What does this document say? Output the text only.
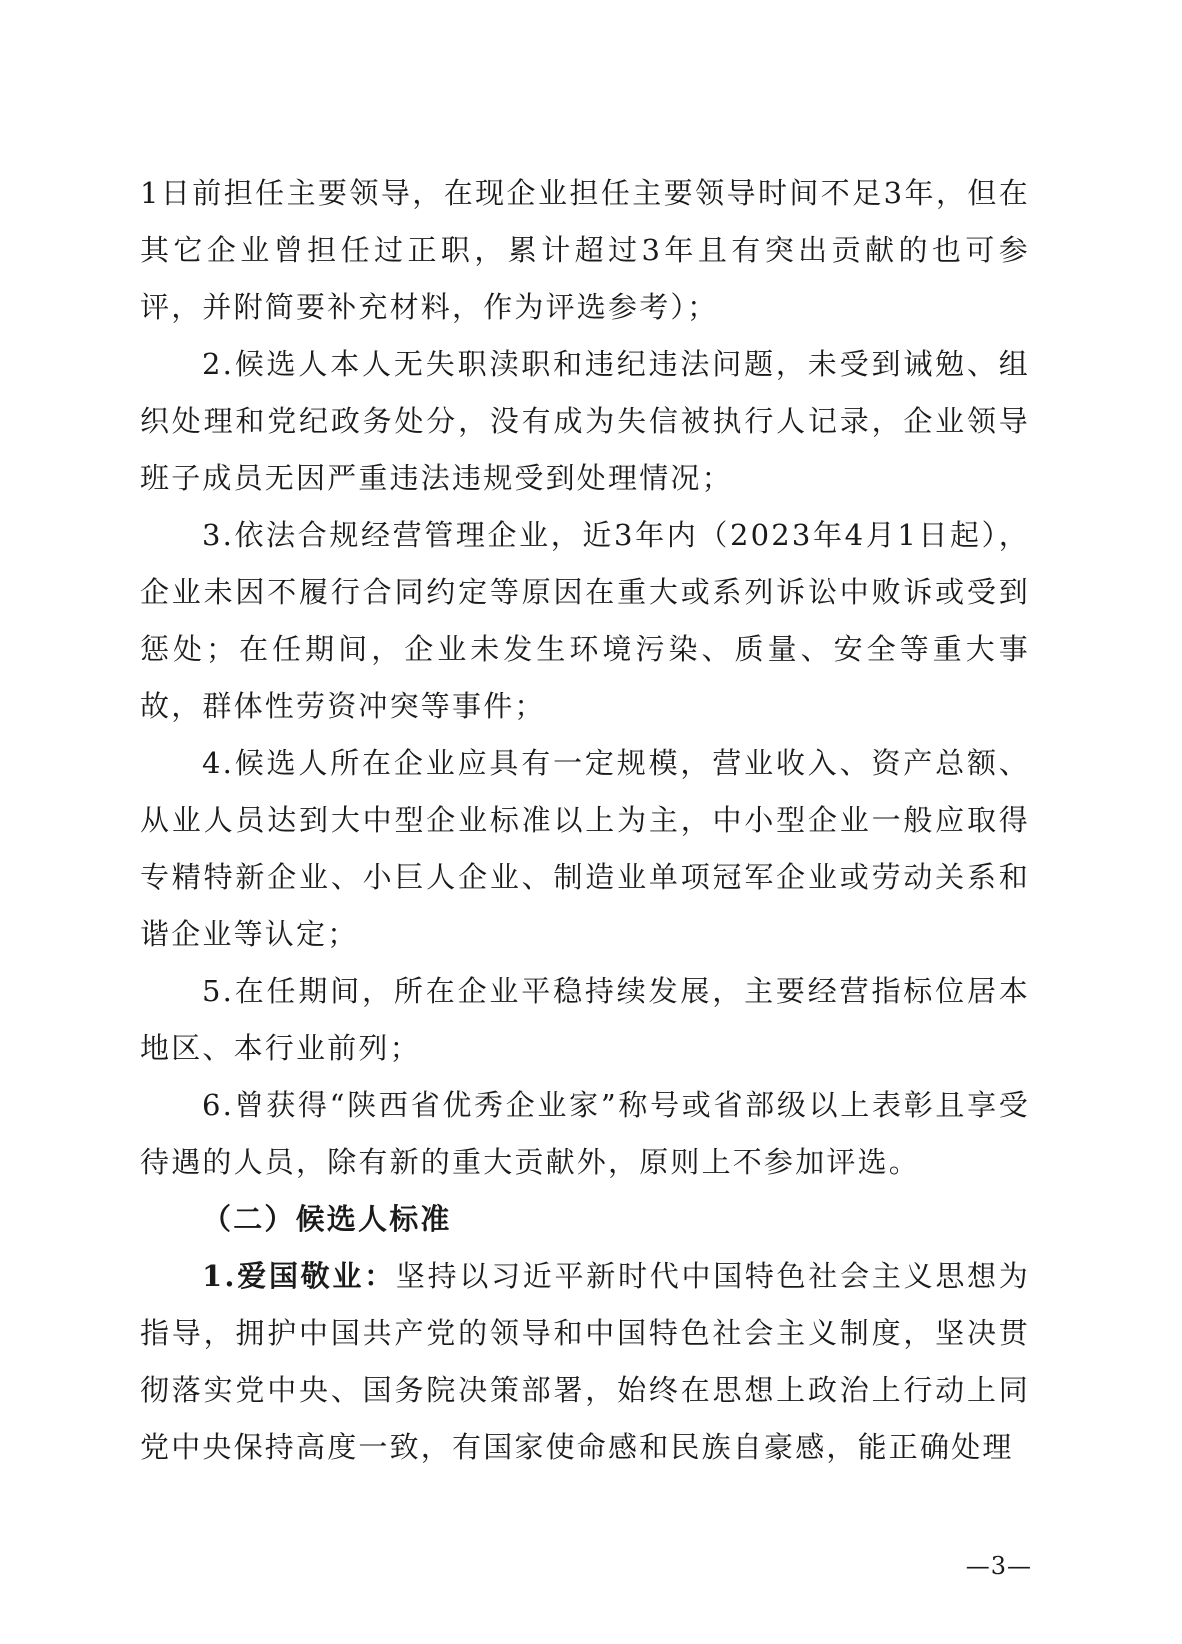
1日前担任主要领导，在现企业担任主要领导时间不足3年，但在其它企业曾担任过正职，累计超过3年且有突出贡献的也可参评，并附简要补充材料，作为评选参考）；

2.候选人本人无失职渎职和违纪违法问题，未受到诫勉、组织处理和党纪政务处分，没有成为失信被执行人记录，企业领导班子成员无因严重违法违规受到处理情况；

3.依法合规经营管理企业，近3年内（2023年4月1日起），企业未因不履行合同约定等原因在重大或系列诉讼中败诉或受到惩处；在任期间，企业未发生环境污染、质量、安全等重大事故，群体性劳资冲突等事件；

4.候选人所在企业应具有一定规模，营业收入、资产总额、从业人员达到大中型企业标准以上为主，中小型企业一般应取得专精特新企业、小巨人企业、制造业单项冠军企业或劳动关系和谐企业等认定；

5.在任期间，所在企业平稳持续发展，主要经营指标位居本地区、本行业前列；

6.曾获得“陕西省优秀企业家”称号或省部级以上表彰且享受待遇的人员，除有新的重大贡献外，原则上不参加评选。

（二）候选人标准

1.爱国敬业：坚持以习近平新时代中国特色社会主义思想为指导，拥护中国共产党的领导和中国特色社会主义制度，坚决贯彻落实党中央、国务院决策部署，始终在思想上政治上行动上同党中央保持高度一致，有国家使命感和民族自豪感，能正确处理

—3—
